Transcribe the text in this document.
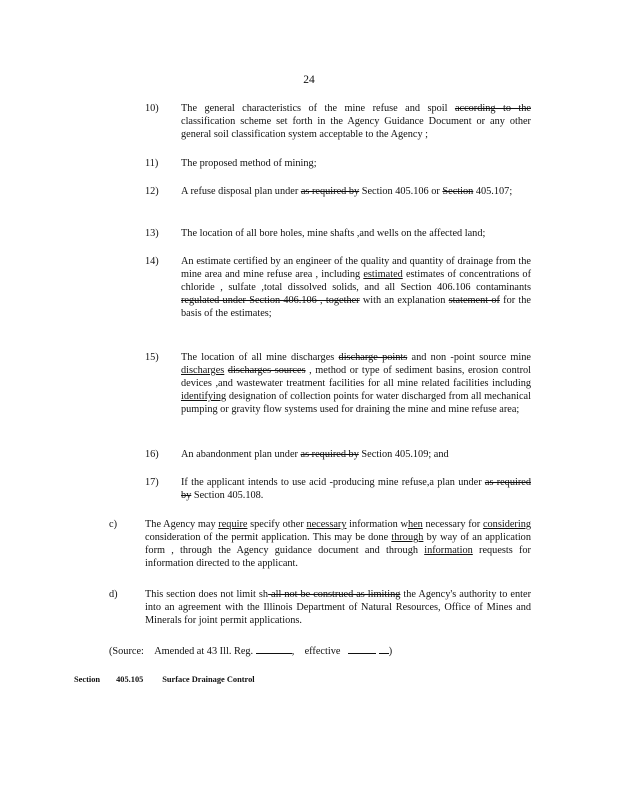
24
10)	The general characteristics of the mine refuse and spoil according to the classification scheme set forth in the Agency Guidance Document or any other general soil classification system acceptable to the Agency ;
11)	The proposed method of mining;
12)	A refuse disposal plan under as required by Section 405.106 or Section 405.107;
13)	The location of all bore holes, mine shafts ,and wells on the affected land;
14)	An estimate certified by an engineer of the quality and quantity of drainage from the mine area and mine refuse area , including estimated estimates of concentrations of chloride , sulfate ,total dissolved solids, and all Section 406.106 contaminants regulated under Section 406.106 , together with an explanation statement of for the basis of the estimates;
15)	The location of all mine discharges discharge points and non -point source mine discharges discharges sources , method or type of sediment basins, erosion control devices ,and wastewater treatment facilities for all mine related facilities including identifying designation of collection points for water discharged from all mechanical pumping or gravity flow systems used for draining the mine and mine refuse area;
16)	An abandonment plan under as required by Section 405.109; and
17)	If the applicant intends to use acid -producing mine refuse,a plan under as required by Section 405.108.
c)	The Agency may require specify other necessary information when necessary for considering consideration of the permit application. This may be done through by way of an application form , through the Agency guidance document and through information requests for information directed to the applicant.
d)	This section does not limit sh all not be construed as limiting the Agency's authority to enter into an agreement with the Illinois Department of Natural Resources, Office of Mines and Minerals for joint permit applications.
(Source: Amended at 43 Ill. Reg.	, effective	)
Section 405.105 Surface Drainage Control
